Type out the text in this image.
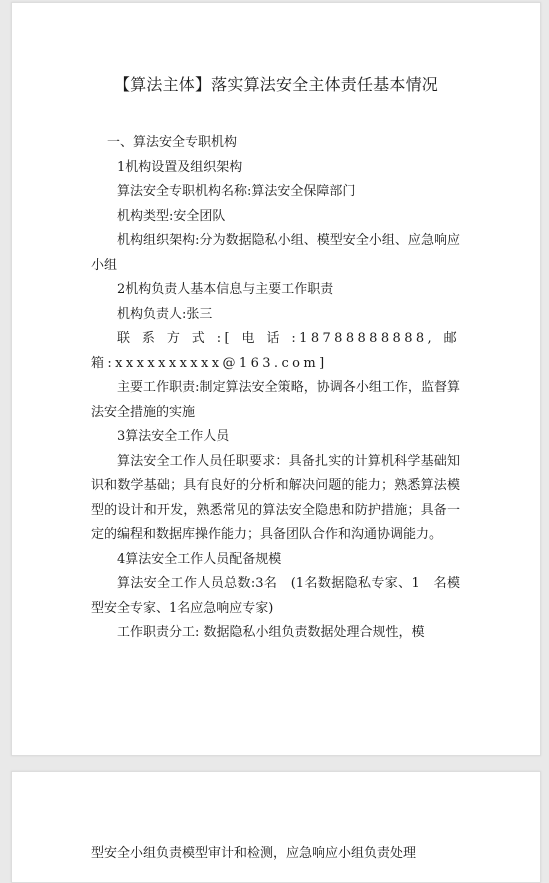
【算法主体】落实算法安全主体责任基本情况

一、算法安全专职机构

1机构设置及组织架构

算法安全专职机构名称:算法安全保障部门

机构类型:安全团队

机构组织架构:分为数据隐私小组、模型安全小组、应急响应小组

2机构负责人基本信息与主要工作职责

机构负责人:张三

联系方式:[电话:18788888888,邮箱:xxxxxxxxxx@163.com]

主要工作职责:制定算法安全策略，协调各小组工作，监督算法安全措施的实施

3算法安全工作人员

算法安全工作人员任职要求：具备扎实的计算机科学基础知识和数学基础；具有良好的分析和解决问题的能力；熟悉算法模型的设计和开发，熟悉常见的算法安全隐患和防护措施；具备一定的编程和数据库操作能力；具备团队合作和沟通协调能力。

4算法安全工作人员配备规模

算法安全工作人员总数:3名　(1名数据隐私专家、1　名模型安全专家、1名应急响应专家)

工作职责分工: 数据隐私小组负责数据处理合规性，模

型安全小组负责模型审计和检测，应急响应小组负责处理
